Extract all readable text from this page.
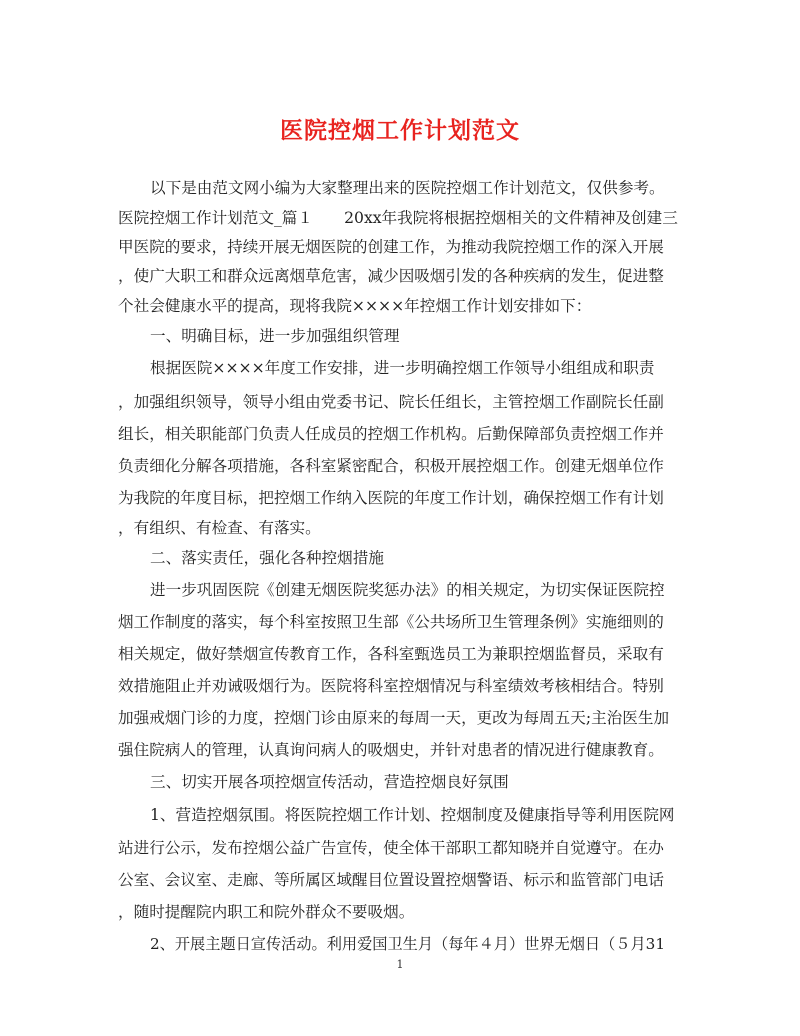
医院控烟工作计划范文
以下是由范文网小编为大家整理出来的医院控烟工作计划范文，仅供参考。
医院控烟工作计划范文_篇１　　20xx年我院将根据控烟相关的文件精神及创建三
甲医院的要求，持续开展无烟医院的创建工作，为推动我院控烟工作的深入开展
，使广大职工和群众远离烟草危害，减少因吸烟引发的各种疾病的发生，促进整
个社会健康水平的提高，现将我院××××年控烟工作计划安排如下：
一、明确目标，进一步加强组织管理
根据医院××××年度工作安排，进一步明确控烟工作领导小组组成和职责
，加强组织领导，领导小组由党委书记、院长任组长，主管控烟工作副院长任副
组长，相关职能部门负责人任成员的控烟工作机构。后勤保障部负责控烟工作并
负责细化分解各项措施，各科室紧密配合，积极开展控烟工作。创建无烟单位作
为我院的年度目标，把控烟工作纳入医院的年度工作计划，确保控烟工作有计划
，有组织、有检查、有落实。
二、落实责任，强化各种控烟措施
进一步巩固医院《创建无烟医院奖惩办法》的相关规定，为切实保证医院控
烟工作制度的落实，每个科室按照卫生部《公共场所卫生管理条例》实施细则的
相关规定，做好禁烟宣传教育工作，各科室甄选员工为兼职控烟监督员，采取有
效措施阻止并劝诫吸烟行为。医院将科室控烟情况与科室绩效考核相结合。特别
加强戒烟门诊的力度，控烟门诊由原来的每周一天，更改为每周五天;主治医生加
强住院病人的管理，认真询问病人的吸烟史，并针对患者的情况进行健康教育。
三、切实开展各项控烟宣传活动，营造控烟良好氛围
1、营造控烟氛围。将医院控烟工作计划、控烟制度及健康指导等利用医院网
站进行公示，发布控烟公益广告宣传，使全体干部职工都知晓并自觉遵守。在办
公室、会议室、走廊、等所属区域醒目位置设置控烟警语、标示和监管部门电话
，随时提醒院内职工和院外群众不要吸烟。
2、开展主题日宣传活动。利用爱国卫生月（每年４月）世界无烟日（５月31
1
